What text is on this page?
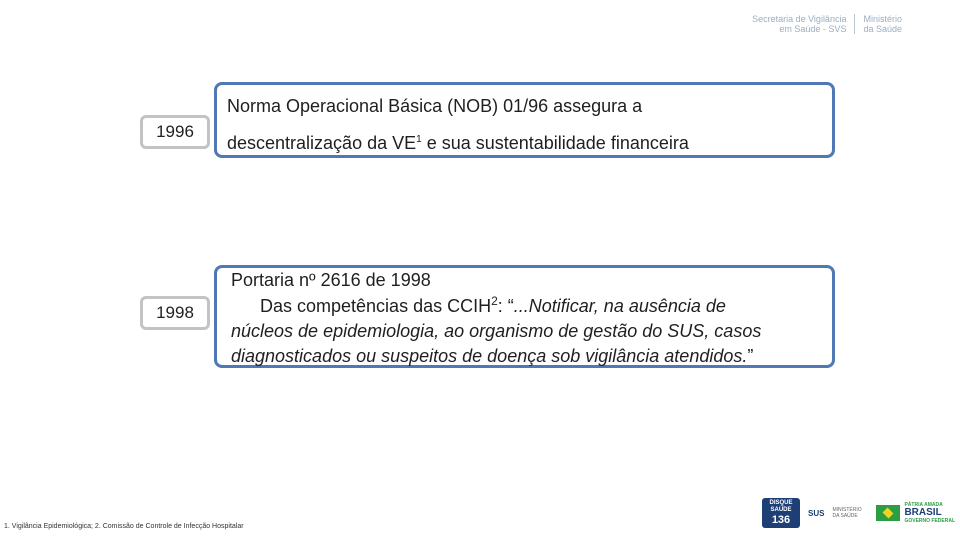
Secretaria de Vigilância
em Saúde - SVS
Ministério
da Saúde
1996
Norma Operacional Básica (NOB) 01/96 assegura a
descentralização da $VE^1$ e sua sustentabilidade financeira
1998
Portaria nº 2616 de 1998
Das competências das CCIH$^2$: “...Notificar, na ausência de
núcleos de epidemiologia, ao organismo de gestão do SUS, casos
diagnosticados ou suspeitos de doença sob vigilância atendidos.”
1. Vigilância Epidemiológica; 2. Comissão de Controle de Infecção Hospitalar
DISQUE SAÚDE
136
SUS MINISTÉRIO DA SAÚDE
PÁTRIA AMADA
BRASIL
GOVERNO FEDERAL
